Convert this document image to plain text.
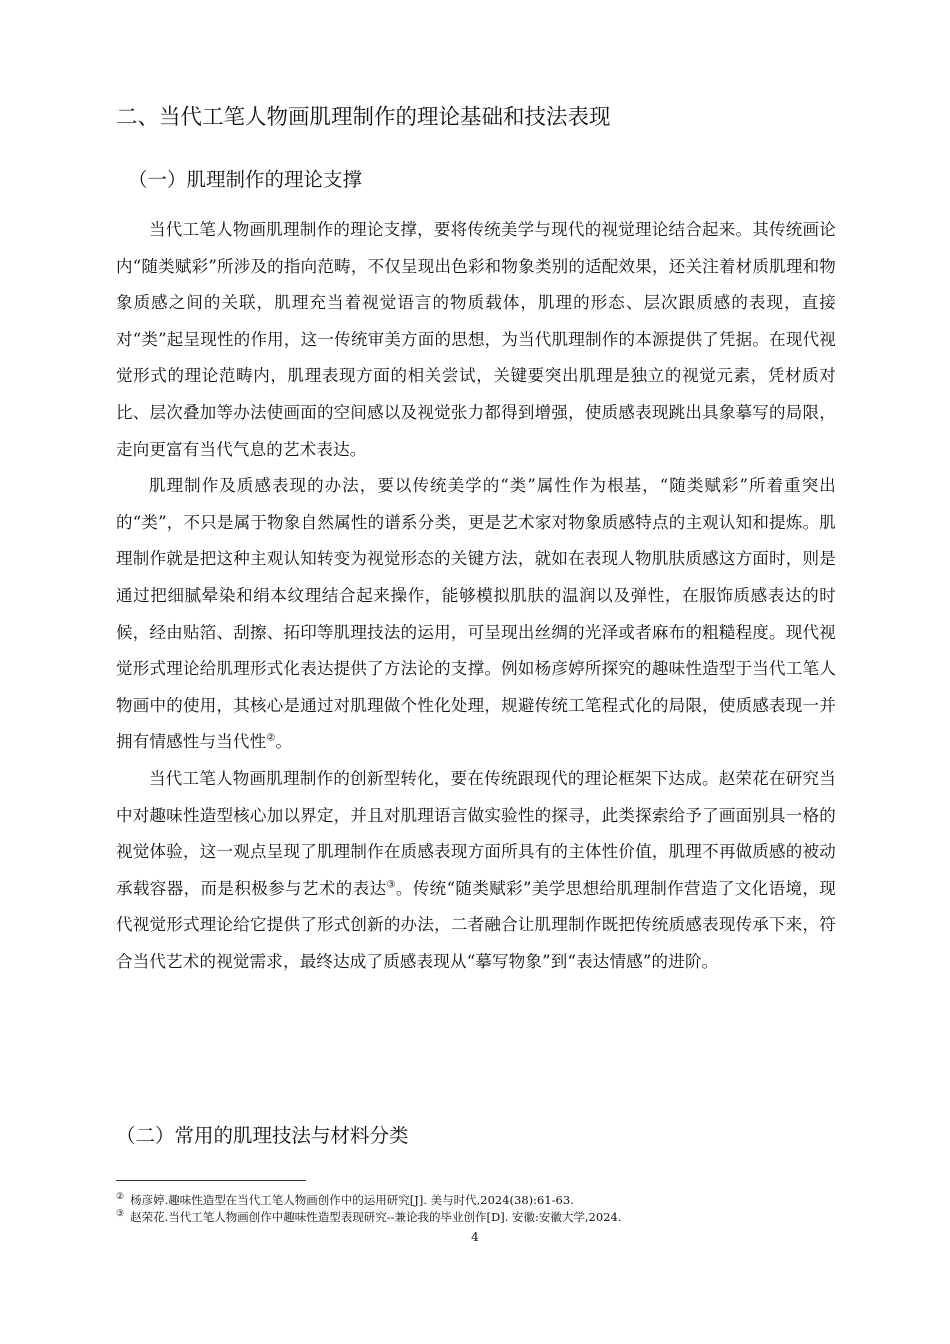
二、当代工笔人物画肌理制作的理论基础和技法表现
（一）肌理制作的理论支撑

当代工笔人物画肌理制作的理论支撑，要将传统美学与现代的视觉理论结合起来。其传统画论内“随类赋彩”所涉及的指向范畴，不仅呈现出色彩和物象类别的适配效果，还关注着材质肌理和物象质感之间的关联，肌理充当着视觉语言的物质载体，肌理的形态、层次跟质感的表现，直接对“类”起呈现性的作用，这一传统审美方面的思想，为当代肌理制作的本源提供了凭据。在现代视觉形式的理论范畴内，肌理表现方面的相关尝试，关键要突出肌理是独立的视觉元素，凭材质对比、层次叠加等办法使画面的空间感以及视觉张力都得到增强，使质感表现跳出具象摹写的局限，走向更富有当代气息的艺术表达。

肌理制作及质感表现的办法，要以传统美学的“类”属性作为根基，“随类赋彩”所着重突出的“类”，不只是属于物象自然属性的谱系分类，更是艺术家对物象质感特点的主观认知和提炼。肌理制作就是把这种主观认知转变为视觉形态的关键方法，就如在表现人物肌肤质感这方面时，则是通过把细腻晕染和绢本纹理结合起来操作，能够模拟肌肤的温润以及弹性，在服饰质感表达的时候，经由贴箔、刮擦、拓印等肌理技法的运用，可呈现出丝绸的光泽或者麻布的粗糙程度。现代视觉形式理论给肌理形式化表达提供了方法论的支撑。例如杨彦婷所探究的趣味性造型于当代工笔人物画中的使用，其核心是通过对肌理做个性化处理，规避传统工笔程式化的局限，使质感表现一并拥有情感性与当代性②。

当代工笔人物画肌理制作的创新型转化，要在传统跟现代的理论框架下达成。赵荣花在研究当中对趣味性造型核心加以界定，并且对肌理语言做实验性的探寻，此类探索给予了画面别具一格的视觉体验，这一观点呈现了肌理制作在质感表现方面所具有的主体性价值，肌理不再做质感的被动承载容器，而是积极参与艺术的表达③。传统“随类赋彩”美学思想给肌理制作营造了文化语境，现代视觉形式理论给它提供了形式创新的办法，二者融合让肌理制作既把传统质感表现传承下来，符合当代艺术的视觉需求，最终达成了质感表现从“摹写物象”到“表达情感”的进阶。

（二）常用的肌理技法与材料分类

② 杨彦婷.趣味性造型在当代工笔人物画创作中的运用研究[J]. 美与时代,2024(38):61-63.

③ 赵荣花.当代工笔人物画创作中趣味性造型表现研究--兼论我的毕业创作[D]. 安徽:安徽大学,2024.

4
